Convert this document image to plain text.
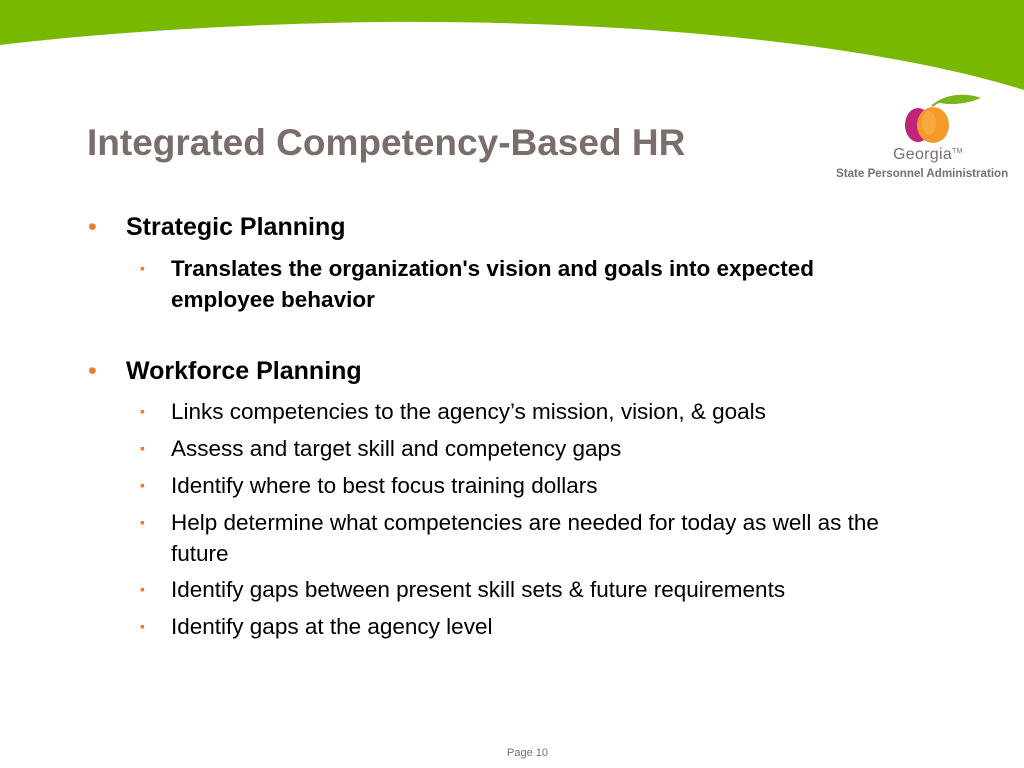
Integrated Competency-Based HR	Georgia™
State Personnel Administration
• Strategic Planning
▪ Translates the organization's vision and goals into expected employee behavior
• Workforce Planning
▪ Links competencies to the agency’s mission, vision, & goals
▪ Assess and target skill and competency gaps
▪ Identify where to best focus training dollars
▪ Help determine what competencies are needed for today as well as the future
▪ Identify gaps between present skill sets & future requirements
▪ Identify gaps at the agency level
Page 10
